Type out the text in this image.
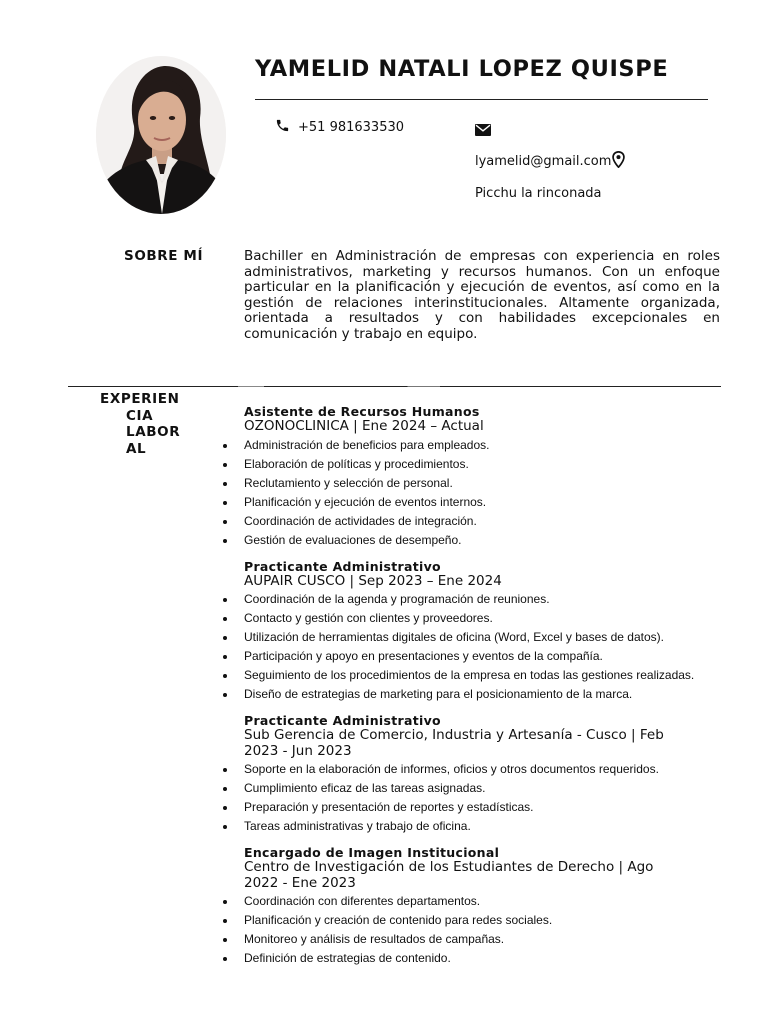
YAMELID NATALI LOPEZ QUISPE
+51 981633530
lyamelid@gmail.com
Picchu la rinconada
SOBRE MÍ	Bachiller en Administración de empresas con experiencia en roles administrativos, marketing y recursos humanos. Con un enfoque particular en la planificación y ejecución de eventos, así como en la gestión de relaciones interinstitucionales. Altamente organizada, orientada a resultados y con habilidades excepcionales en comunicación y trabajo en equipo.
EXPERIEN
CIA
LABOR
AL
Asistente de Recursos Humanos
OZONOCLINICA | Ene 2024 – Actual
Administración de beneficios para empleados.
Elaboración de políticas y procedimientos.
Reclutamiento y selección de personal.
Planificación y ejecución de eventos internos.
Coordinación de actividades de integración.
Gestión de evaluaciones de desempeño.
Practicante Administrativo
AUPAIR CUSCO | Sep 2023 – Ene 2024
Coordinación de la agenda y programación de reuniones.
Contacto y gestión con clientes y proveedores.
Utilización de herramientas digitales de oficina (Word, Excel y bases de datos).
Participación y apoyo en presentaciones y eventos de la compañía.
Seguimiento de los procedimientos de la empresa en todas las gestiones realizadas.
Diseño de estrategias de marketing para el posicionamiento de la marca.
Practicante Administrativo
Sub Gerencia de Comercio, Industria y Artesanía - Cusco | Feb 2023 - Jun 2023
Soporte en la elaboración de informes, oficios y otros documentos requeridos.
Cumplimiento eficaz de las tareas asignadas.
Preparación y presentación de reportes y estadísticas.
Tareas administrativas y trabajo de oficina.
Encargado de Imagen Institucional
Centro de Investigación de los Estudiantes de Derecho | Ago 2022 - Ene 2023
Coordinación con diferentes departamentos.
Planificación y creación de contenido para redes sociales.
Monitoreo y análisis de resultados de campañas.
Definición de estrategias de contenido.
